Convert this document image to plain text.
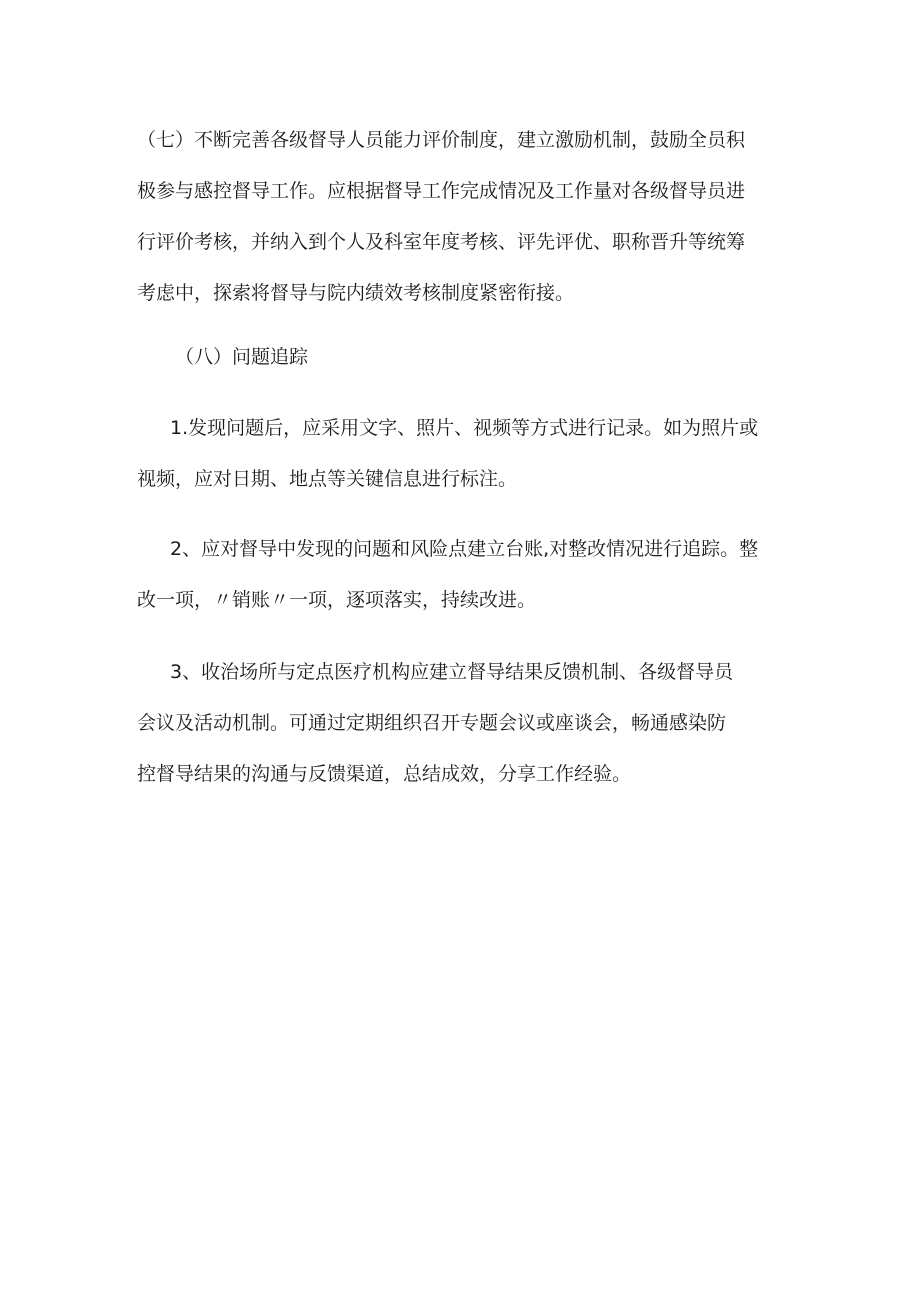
（七）不断完善各级督导人员能力评价制度，建立激励机制，鼓励全员积
极参与感控督导工作。应根据督导工作完成情况及工作量对各级督导员进
行评价考核，并纳入到个人及科室年度考核、评先评优、职称晋升等统筹
考虑中，探索将督导与院内绩效考核制度紧密衔接。
（八）问题追踪
1.发现问题后，应采用文字、照片、视频等方式进行记录。如为照片或
视频，应对日期、地点等关键信息进行标注。
2、应对督导中发现的问题和风险点建立台账,对整改情况进行追踪。整
改一项，〃销账〃一项，逐项落实，持续改进。
3、收治场所与定点医疗机构应建立督导结果反馈机制、各级督导员
会议及活动机制。可通过定期组织召开专题会议或座谈会，畅通感染防
控督导结果的沟通与反馈渠道，总结成效，分享工作经验。
